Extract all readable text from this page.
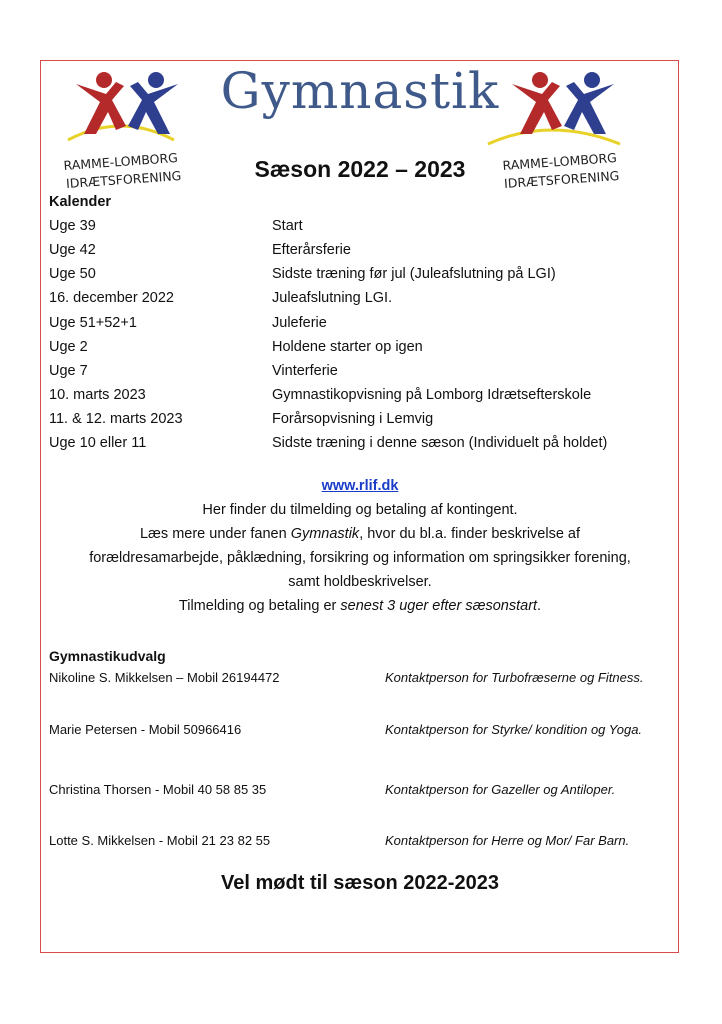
RAMME-LOMBORG
IDRÆTSFORENING
RAMME-LOMBORG
IDRÆTSFORENING
Gymnastik
Sæson 2022 – 2023
Kalender
Uge 39	Start
Uge 42	Efterårsferie
Uge 50	Sidste træning før jul (Juleafslutning på LGI)
16. december 2022	Juleafslutning LGI.
Uge 51+52+1	Juleferie
Uge 2	Holdene starter op igen
Uge 7	Vinterferie
10. marts 2023	Gymnastikopvisning på Lomborg Idrætsefterskole
11. & 12. marts 2023	Forårsopvisning i Lemvig
Uge 10 eller 11	Sidste træning i denne sæson (Individuelt på holdet)
www.rlif.dk
Her finder du tilmelding og betaling af kontingent.
Læs mere under fanen Gymnastik, hvor du bl.a. finder beskrivelse af
forældresamarbejde, påklædning, forsikring og information om springsikker forening,
samt holdbeskrivelser.
Tilmelding og betaling er senest 3 uger efter sæsonstart.
Gymnastikudvalg
Nikoline S. Mikkelsen – Mobil 26194472	Kontaktperson for Turbofræserne og Fitness.
Marie Petersen - Mobil 50966416	Kontaktperson for Styrke/ kondition og Yoga.
Christina Thorsen - Mobil 40 58 85 35	Kontaktperson for Gazeller og Antiloper.
Lotte S. Mikkelsen - Mobil 21 23 82 55	Kontaktperson for Herre og Mor/ Far Barn.
Vel mødt til sæson 2022-2023
